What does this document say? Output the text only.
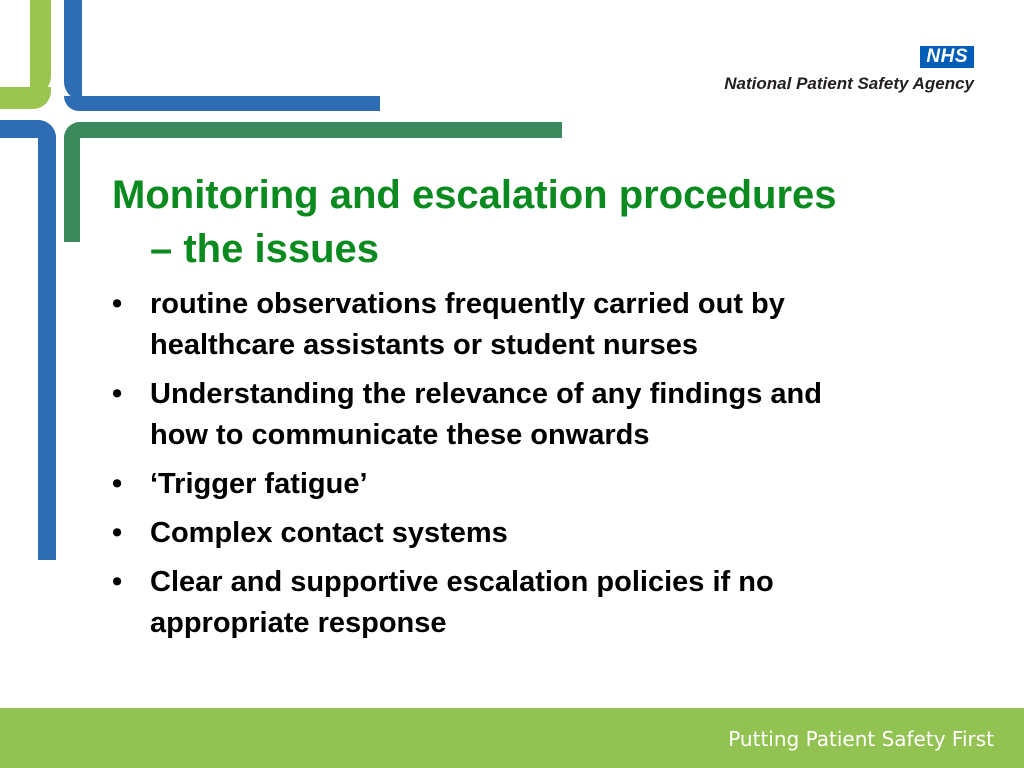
NHS
National Patient Safety Agency
Monitoring and escalation procedures
– the issues
• routine observations frequently carried out by
healthcare assistants or student nurses
• Understanding the relevance of any findings and
how to communicate these onwards
• ‘Trigger fatigue’
• Complex contact systems
• Clear and supportive escalation policies if no
appropriate response
Putting Patient Safety First
